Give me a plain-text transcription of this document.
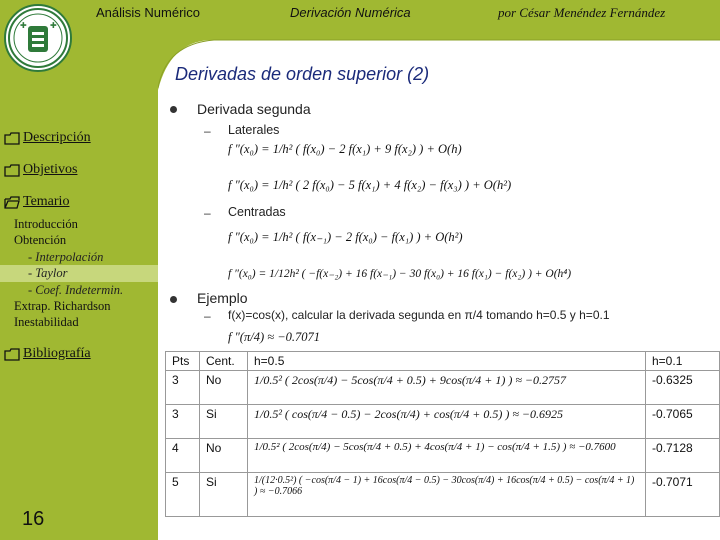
✚	✚
Introducción
Obtención
- Interpolación
- Taylor
- Coef. Indetermin.
Extrap. Richardson
Inestabilidad
16
Descripción
Objetivos
Temario
Bibliografía
Análisis Numérico	Derivación Numérica	por César Menéndez Fernández
Derivadas de orden superior (2)
Derivada segunda
– Laterales
f ″(x₀) = 1/h² ( f(x₀) − 2 f(x₁) + 9 f(x₂) ) + O(h)
f ″(x₀) = 1/h² ( 2 f(x₀) − 5 f(x₁) + 4 f(x₂) − f(x₃) ) + O(h²)
– Centradas
f ″(x₀) = 1/h² ( f(x₋₁) − 2 f(x₀) − f(x₁) ) + O(h²)
f ″(x₀) = 1/12h² ( −f(x₋₂) + 16 f(x₋₁) − 30 f(x₀) + 16 f(x₁) − f(x₂) ) + O(h⁴)
Ejemplo
– f(x)=cos(x), calcular la derivada segunda en π/4 tomando h=0.5 y h=0.1
f ″(π/4) ≈ −0.7071
Pts	Cent.	h=0.5	h=0.1
3	No	1/0.5² ( 2cos(π/4) − 5cos(π/4 + 0.5) + 9cos(π/4 + 1) ) ≈ −0.2757	-0.6325
3	Si	1/0.5² ( cos(π/4 − 0.5) − 2cos(π/4) + cos(π/4 + 0.5) ) ≈ −0.6925	-0.7065
4	No	1/0.5² ( 2cos(π/4) − 5cos(π/4 + 0.5) + 4cos(π/4 + 1) − cos(π/4 + 1.5) ) ≈ −0.7600	-0.7128
5	Si	1/(12·0.5²) ( −cos(π/4 − 1) + 16cos(π/4 − 0.5) − 30cos(π/4) + 16cos(π/4 + 0.5) − cos(π/4 + 1) ) ≈ −0.7066	-0.7071
